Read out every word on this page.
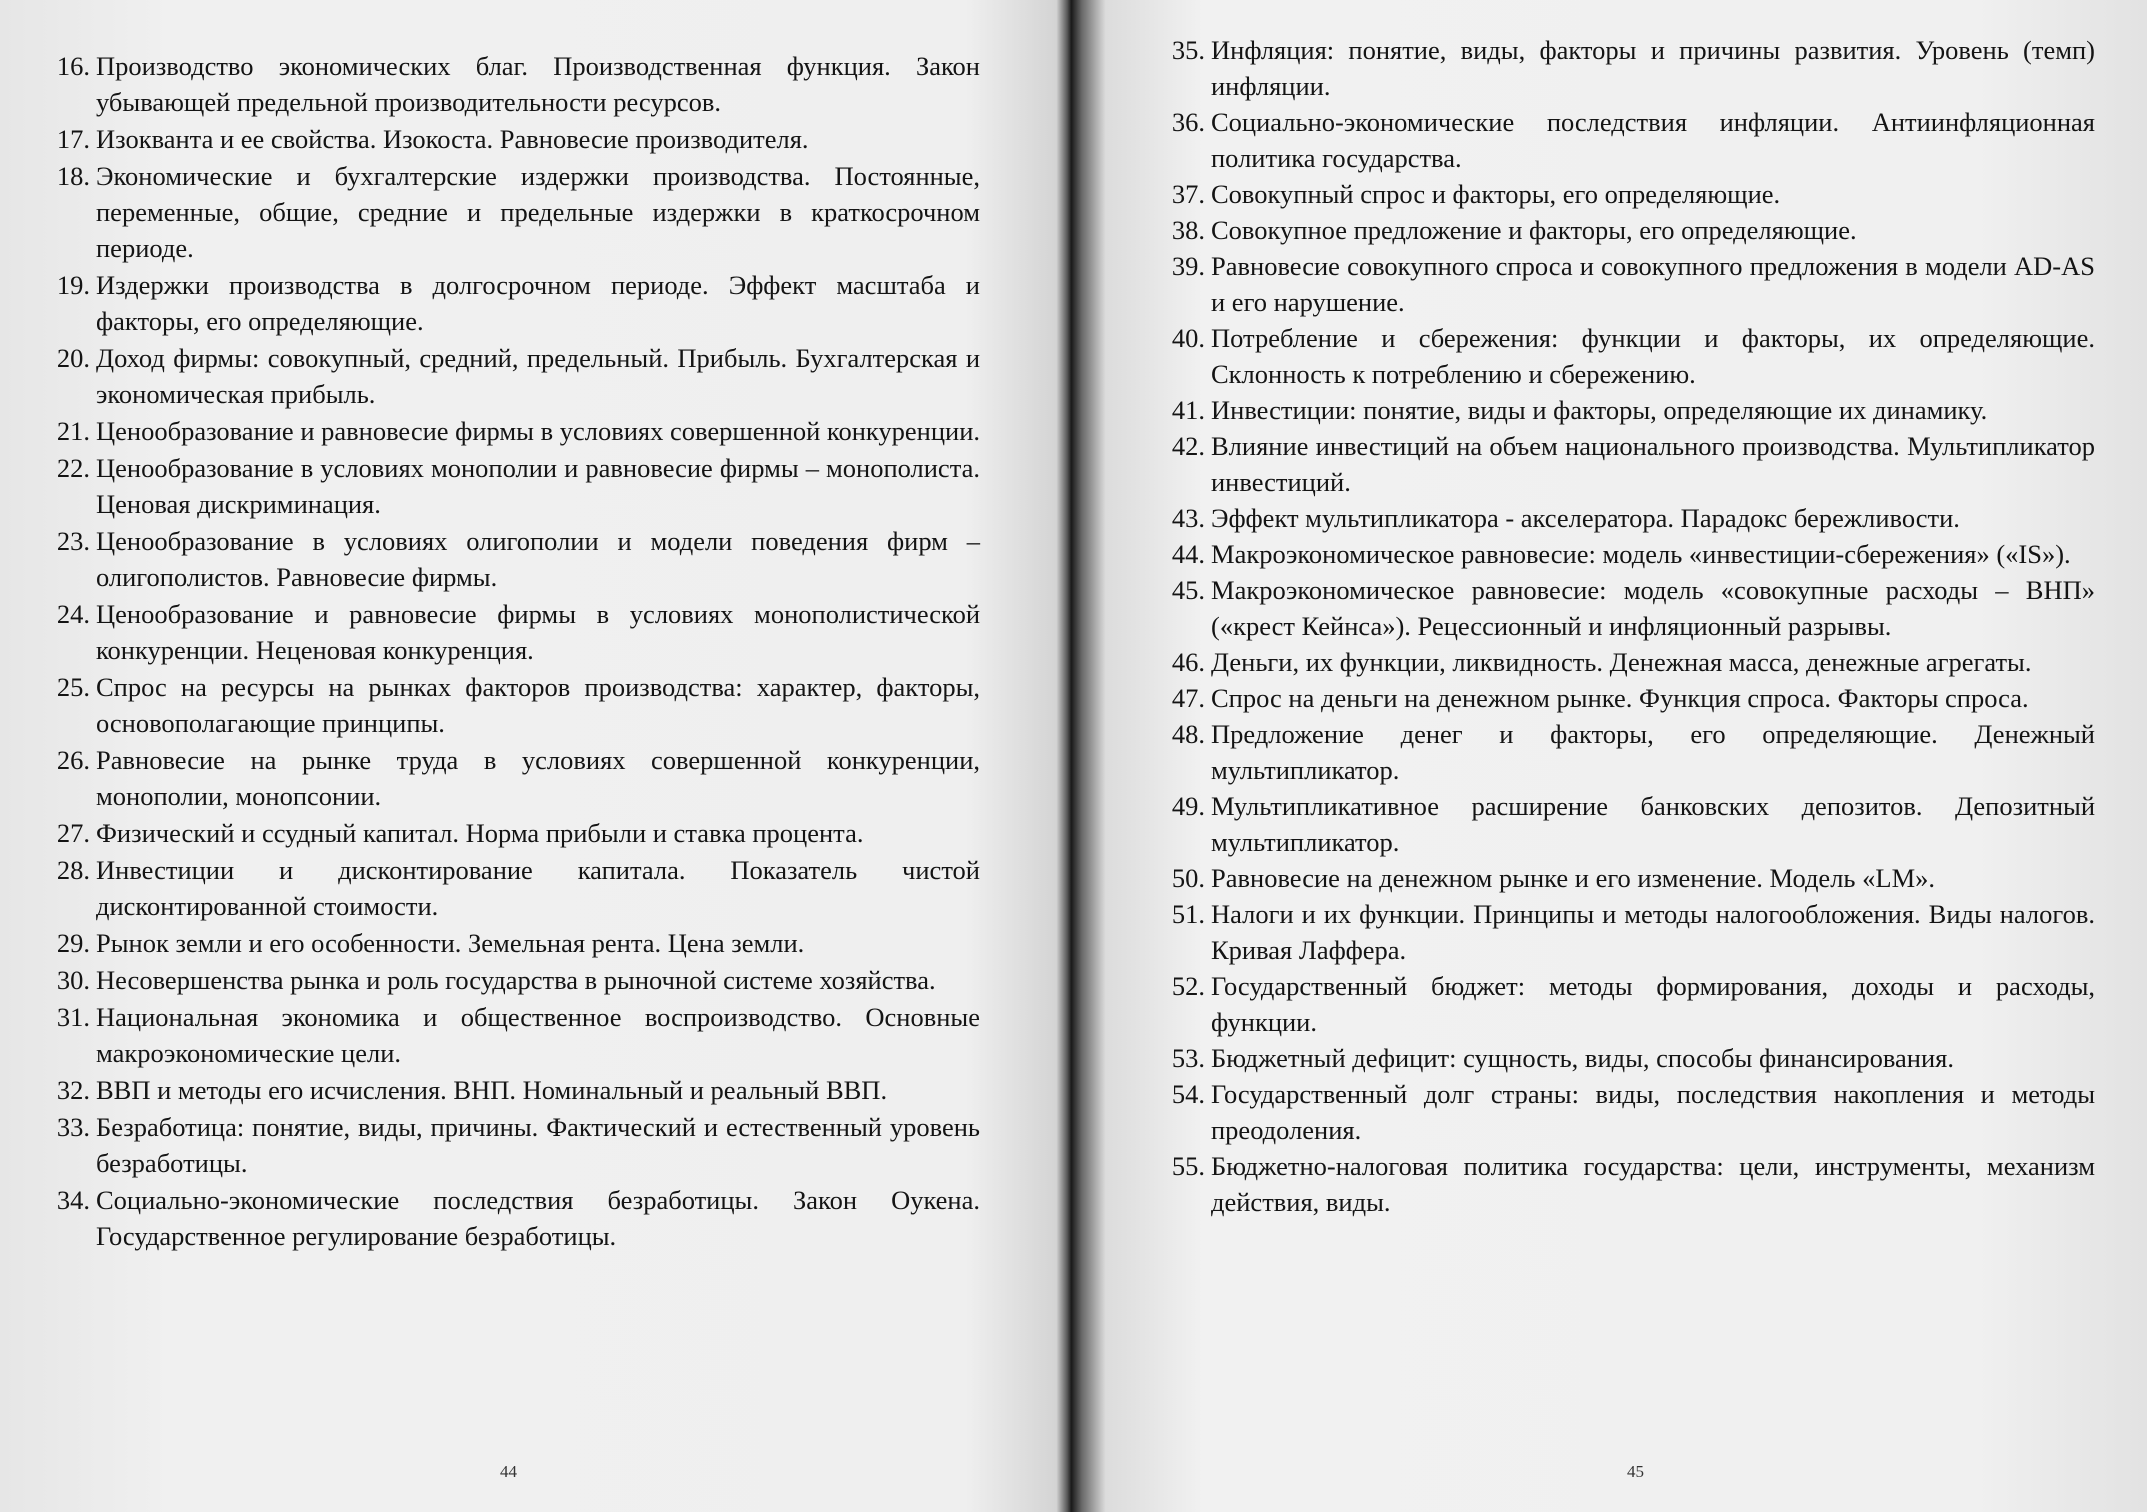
16. Производство экономических благ. Производственная функция. Закон убывающей предельной производительности ресурсов.
17. Изокванта и ее свойства. Изокоста. Равновесие производителя.
18. Экономические и бухгалтерские издержки производства. Постоянные, переменные, общие, средние и предельные издержки в краткосрочном периоде.
19. Издержки производства в долгосрочном периоде. Эффект масштаба и факторы, его определяющие.
20. Доход фирмы: совокупный, средний, предельный. Прибыль. Бухгалтерская и экономическая прибыль.
21. Ценообразование и равновесие фирмы в условиях совершенной конкуренции.
22. Ценообразование в условиях монополии и равновесие фирмы – монополиста. Ценовая дискриминация.
23. Ценообразование в условиях олигополии и модели поведения фирм – олигополистов. Равновесие фирмы.
24. Ценообразование и равновесие фирмы в условиях монополистической конкуренции. Неценовая конкуренция.
25. Спрос на ресурсы на рынках факторов производства: характер, факторы, основополагающие принципы.
26. Равновесие на рынке труда в условиях совершенной конкуренции, монополии, монопсонии.
27. Физический и ссудный капитал. Норма прибыли и ставка процента.
28. Инвестиции и дисконтирование капитала. Показатель чистой дисконтированной стоимости.
29. Рынок земли и его особенности. Земельная рента. Цена земли.
30. Несовершенства рынка и роль государства в рыночной системе хозяйства.
31. Национальная экономика и общественное воспроизводство. Основные макроэкономические цели.
32. ВВП и методы его исчисления. ВНП. Номинальный и реальный ВВП.
33. Безработица: понятие, виды, причины. Фактический и естественный уровень безработицы.
34. Социально-экономические последствия безработицы. Закон Оукена. Государственное регулирование безработицы.
44
35. Инфляция: понятие, виды, факторы и причины развития. Уровень (темп) инфляции.
36. Социально-экономические последствия инфляции. Антиинфляционная политика государства.
37. Совокупный спрос и факторы, его определяющие.
38. Совокупное предложение и факторы, его определяющие.
39. Равновесие совокупного спроса и совокупного предложения в модели AD-AS и его нарушение.
40. Потребление и сбережения: функции и факторы, их определяющие. Склонность к потреблению и сбережению.
41. Инвестиции: понятие, виды и факторы, определяющие их динамику.
42. Влияние инвестиций на объем национального производства. Мультипликатор инвестиций.
43. Эффект мультипликатора - акселератора. Парадокс бережливости.
44. Макроэкономическое равновесие: модель «инвестиции-сбережения» («IS»).
45. Макроэкономическое равновесие: модель «совокупные расходы – ВНП» («крест Кейнса»). Рецессионный и инфляционный разрывы.
46. Деньги, их функции, ликвидность. Денежная масса, денежные агрегаты.
47. Спрос на деньги на денежном рынке. Функция спроса. Факторы спроса.
48. Предложение денег и факторы, его определяющие. Денежный мультипликатор.
49. Мультипликативное расширение банковских депозитов. Депозитный мультипликатор.
50. Равновесие на денежном рынке и его изменение. Модель «LM».
51. Налоги и их функции. Принципы и методы налогообложения. Виды налогов. Кривая Лаффера.
52. Государственный бюджет: методы формирования, доходы и расходы, функции.
53. Бюджетный дефицит: сущность, виды, способы финансирования.
54. Государственный долг страны: виды, последствия накопления и методы преодоления.
55. Бюджетно-налоговая политика государства: цели, инструменты, механизм действия, виды.
45
